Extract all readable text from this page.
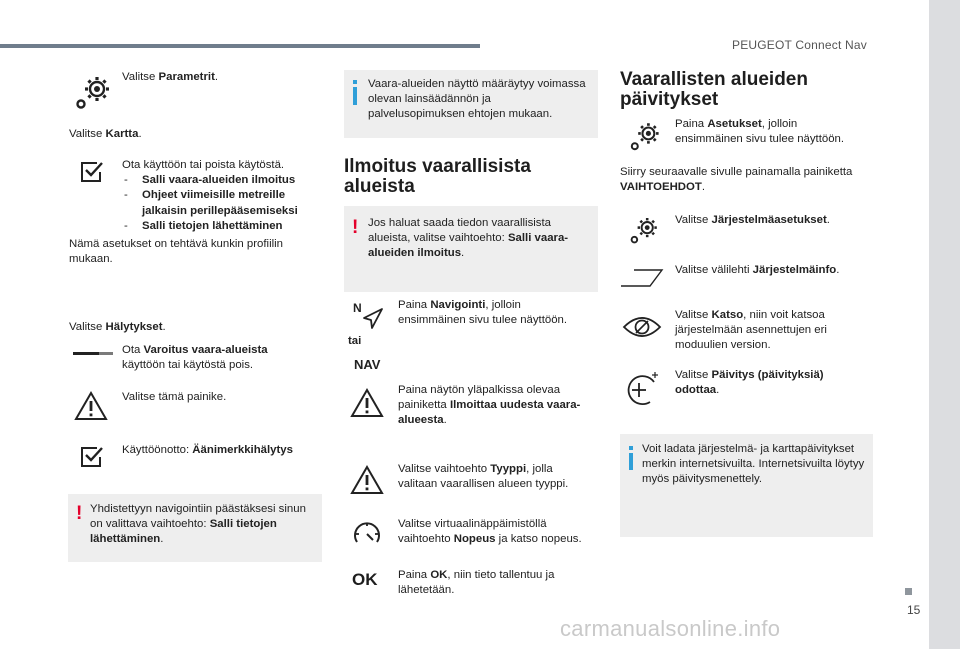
PEUGEOT Connect Nav
15
Valitse Parametrit.
Valitse Kartta.
Ota käyttöön tai poista käytöstä.
- Salli vaara-alueiden ilmoitus
- Ohjeet viimeisille metreille jalkaisin perillepääsemiseksi
- Salli tietojen lähettäminen
Nämä asetukset on tehtävä kunkin profiilin mukaan.
Valitse Hälytykset.
Ota Varoitus vaara-alueista käyttöön tai käytöstä pois.
Valitse tämä painike.
Käyttöönotto: Äänimerkkihälytys
! Yhdistettyyn navigointiin päästäksesi sinun on valittava vaihtoehto: Salli tietojen lähettäminen.
Vaara-alueiden näyttö määräytyy voimassa olevan lainsäädännön ja palvelusopimuksen ehtojen mukaan.
Ilmoitus vaarallisista alueista
! Jos haluat saada tiedon vaarallisista alueista, valitse vaihtoehto: Salli vaara-alueiden ilmoitus.
N
tai
NAV
Paina Navigointi, jolloin ensimmäinen sivu tulee näyttöön.
Paina näytön yläpalkissa olevaa painiketta Ilmoittaa uudesta vaara-alueesta.
Valitse vaihtoehto Tyyppi, jolla valitaan vaarallisen alueen tyyppi.
Valitse virtuaalinäppäimistöllä vaihtoehto Nopeus ja katso nopeus.
OK Paina OK, niin tieto tallentuu ja lähetetään.
Vaarallisten alueiden päivitykset
Paina Asetukset, jolloin ensimmäinen sivu tulee näyttöön.
Siirry seuraavalle sivulle painamalla painiketta VAIHTOEHDOT.
Valitse Järjestelmäasetukset.
Valitse välilehti Järjestelmäinfo.
Valitse Katso, niin voit katsoa järjestelmään asennettujen eri moduulien version.
Valitse Päivitys (päivityksiä) odottaa.
Voit ladata järjestelmä- ja karttapäivitykset merkin internetsivuilta. Internetsivuilta löytyy myös päivitysmenettely.
carmanualsonline.info
